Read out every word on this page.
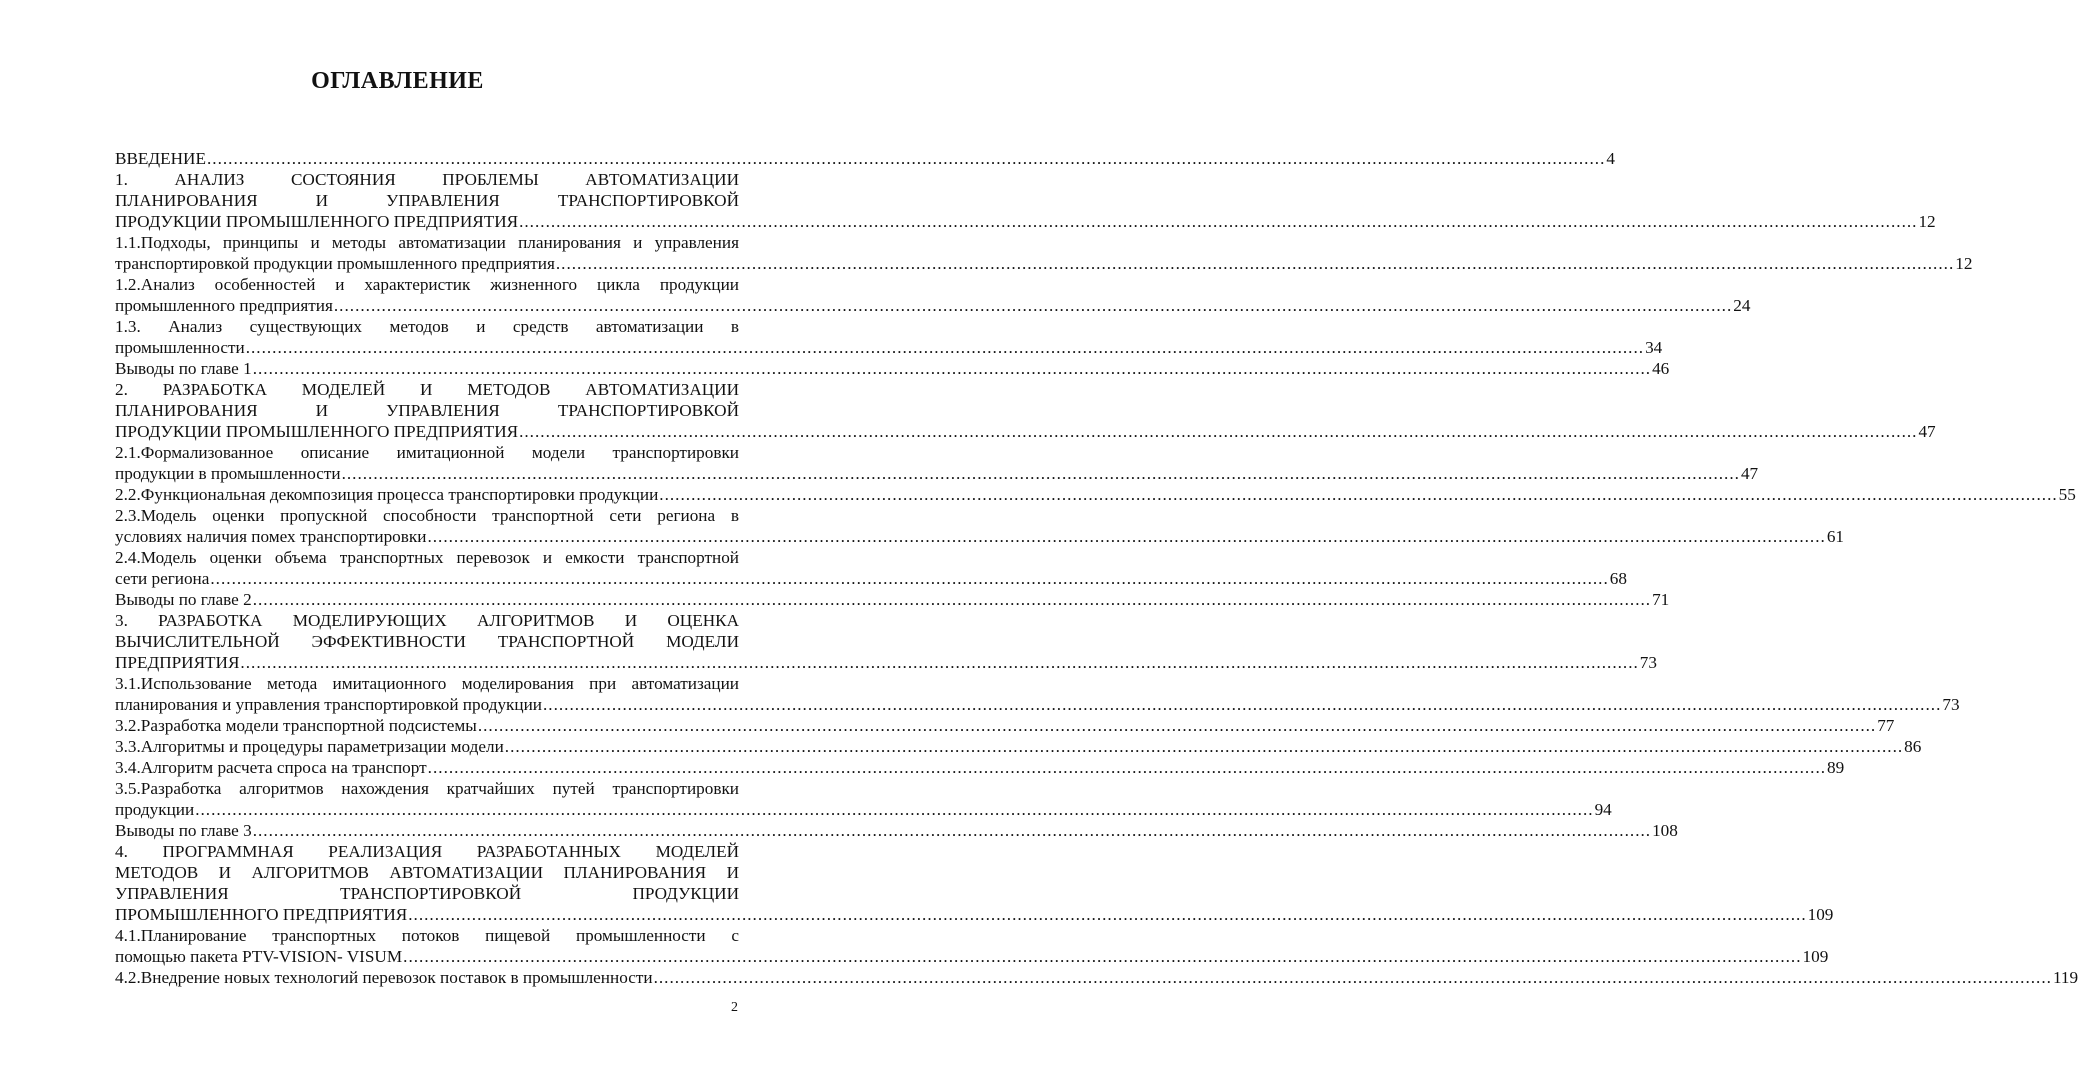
ОГЛАВЛЕНИЕ
ВВЕДЕНИЕ .....	4
1. АНАЛИЗ СОСТОЯНИЯ ПРОБЛЕМЫ АВТОМАТИЗАЦИИ
ПЛАНИРОВАНИЯ И УПРАВЛЕНИЯ ТРАНСПОРТИРОВКОЙ
ПРОДУКЦИИ ПРОМЫШЛЕННОГО ПРЕДПРИЯТИЯ .....	12
1.1.Подходы, принципы и методы автоматизации планирования и управления
транспортировкой продукции промышленного предприятия .....	12
1.2.Анализ особенностей и характеристик жизненного цикла продукции
промышленного предприятия .....	24
1.3. Анализ существующих методов и средств автоматизации в
промышленности .....	34
Выводы по главе 1 .....	46
2. РАЗРАБОТКА МОДЕЛЕЙ И МЕТОДОВ АВТОМАТИЗАЦИИ
ПЛАНИРОВАНИЯ И УПРАВЛЕНИЯ ТРАНСПОРТИРОВКОЙ
ПРОДУКЦИИ ПРОМЫШЛЕННОГО ПРЕДПРИЯТИЯ .....	47
2.1.Формализованное описание имитационной модели транспортировки
продукции в промышленности .....	47
2.2.Функциональная декомпозиция процесса транспортировки продукции .....	55
2.3.Модель оценки пропускной способности транспортной сети региона в
условиях наличия помех транспортировки .....	61
2.4.Модель оценки объема транспортных перевозок и емкости транспортной
сети региона .....	68
Выводы по главе 2 .....	71
3. РАЗРАБОТКА МОДЕЛИРУЮЩИХ АЛГОРИТМОВ И ОЦЕНКА
ВЫЧИСЛИТЕЛЬНОЙ ЭФФЕКТИВНОСТИ ТРАНСПОРТНОЙ МОДЕЛИ
ПРЕДПРИЯТИЯ .....	73
3.1.Использование метода имитационного моделирования при автоматизации
планирования и управления транспортировкой продукции .....	73
3.2.Разработка модели транспортной подсистемы .....	77
3.3.Алгоритмы и процедуры параметризации модели .....	86
3.4.Алгоритм расчета спроса на транспорт .....	89
3.5.Разработка алгоритмов нахождения кратчайших путей транспортировки
продукции .....	94
Выводы по главе 3 .....	108
4. ПРОГРАММНАЯ РЕАЛИЗАЦИЯ РАЗРАБОТАННЫХ МОДЕЛЕЙ
МЕТОДОВ И АЛГОРИТМОВ АВТОМАТИЗАЦИИ ПЛАНИРОВАНИЯ И
УПРАВЛЕНИЯ ТРАНСПОРТИРОВКОЙ ПРОДУКЦИИ
ПРОМЫШЛЕННОГО ПРЕДПРИЯТИЯ .....	109
4.1.Планирование транспортных потоков пищевой промышленности с
помощью пакета PTV-VISION- VISUM .....	109
4.2.Внедрение новых технологий перевозок поставок в промышленности .....	119
2
